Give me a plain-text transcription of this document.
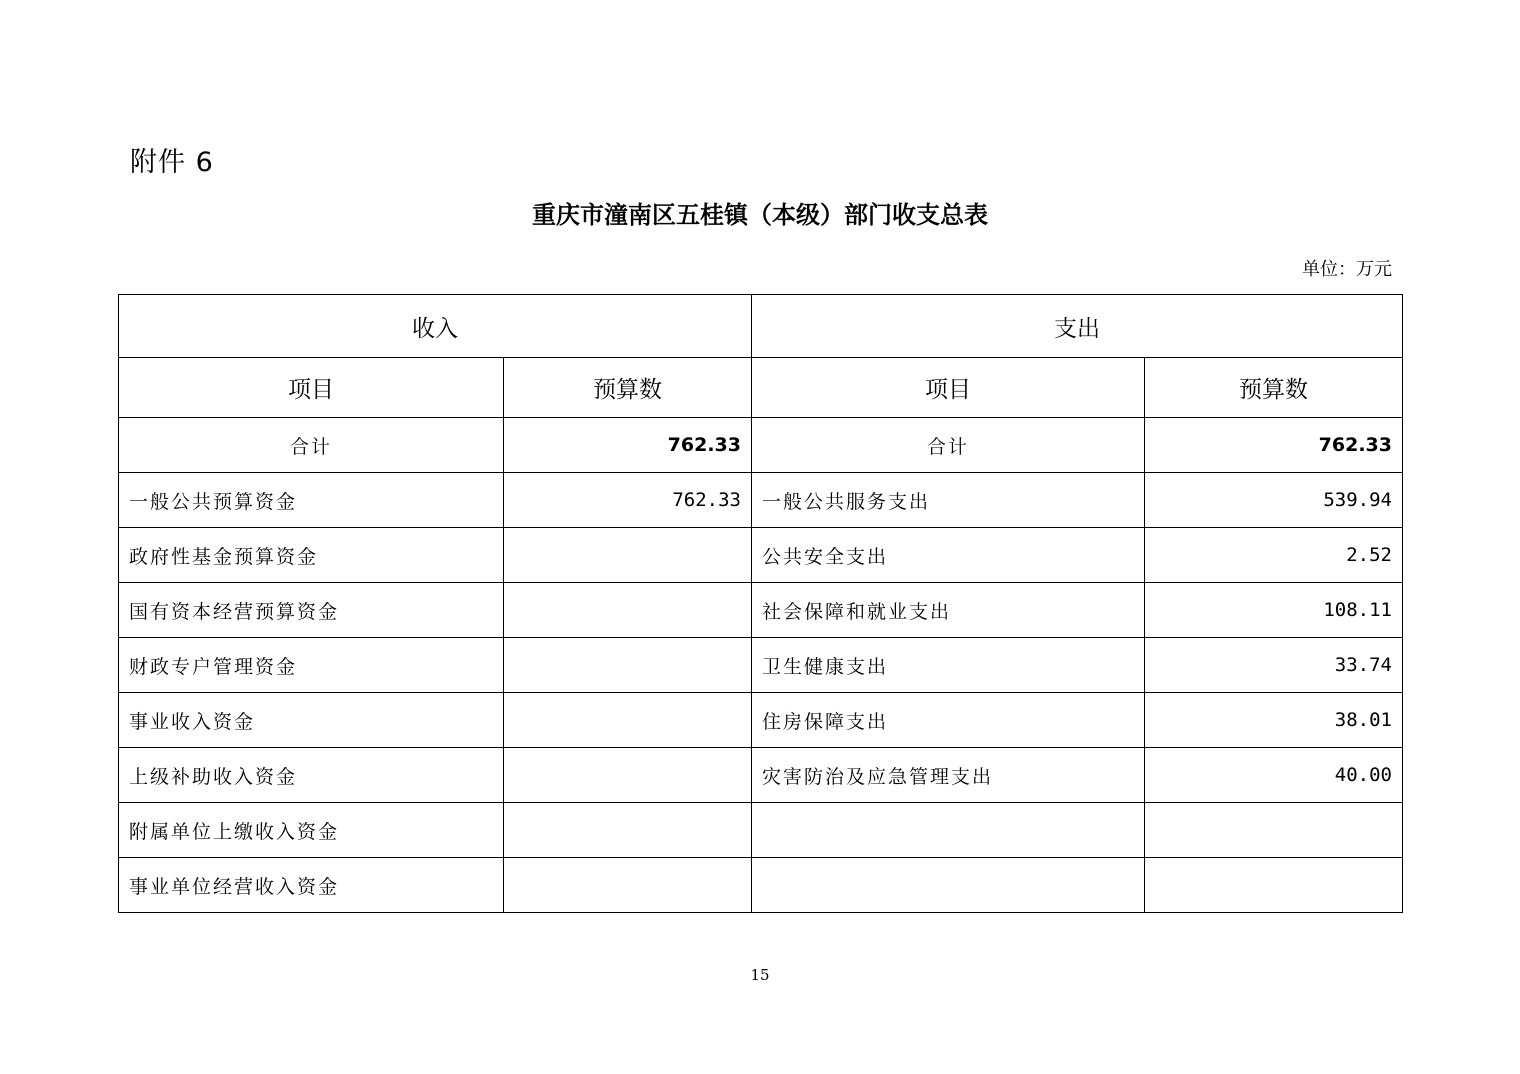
附件 6
重庆市潼南区五桂镇（本级）部门收支总表
单位：万元
收入		支出	
项目	预算数	项目	预算数
合计	762.33	合计	762.33
一般公共预算资金	762.33	一般公共服务支出	539.94
政府性基金预算资金		公共安全支出	2.52
国有资本经营预算资金		社会保障和就业支出	108.11
财政专户管理资金		卫生健康支出	33.74
事业收入资金		住房保障支出	38.01
上级补助收入资金		灾害防治及应急管理支出	40.00
附属单位上缴收入资金			
事业单位经营收入资金			
15
